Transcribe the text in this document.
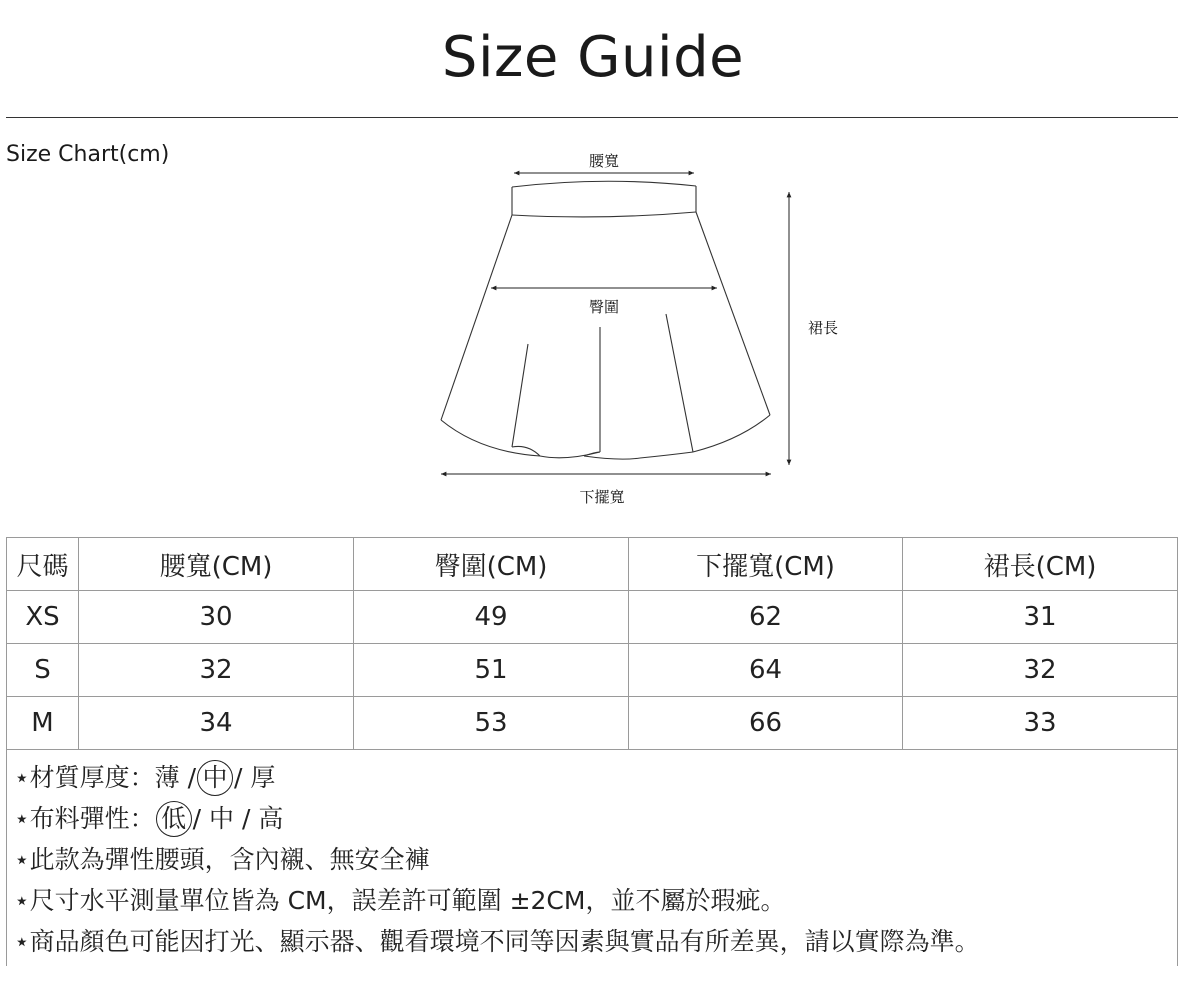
Size Guide
Size Chart(cm)	腰寬
臀圍
下擺寬
裙長
尺碼	腰寬(CM)	臀圍(CM)	下擺寬(CM)	裙長(CM)
XS	30	49	62	31
S	32	51	64	32
M	34	53	66	33
⋆材質厚度：薄 / 中 / 厚
⋆布料彈性： 低 / 中 / 高
⋆此款為彈性腰頭，含內襯、無安全褲
⋆尺寸水平測量單位皆為 CM，誤差許可範圍 ±2CM，並不屬於瑕疵。
⋆商品顏色可能因打光、顯示器、觀看環境不同等因素與實品有所差異，請以實際為準。
